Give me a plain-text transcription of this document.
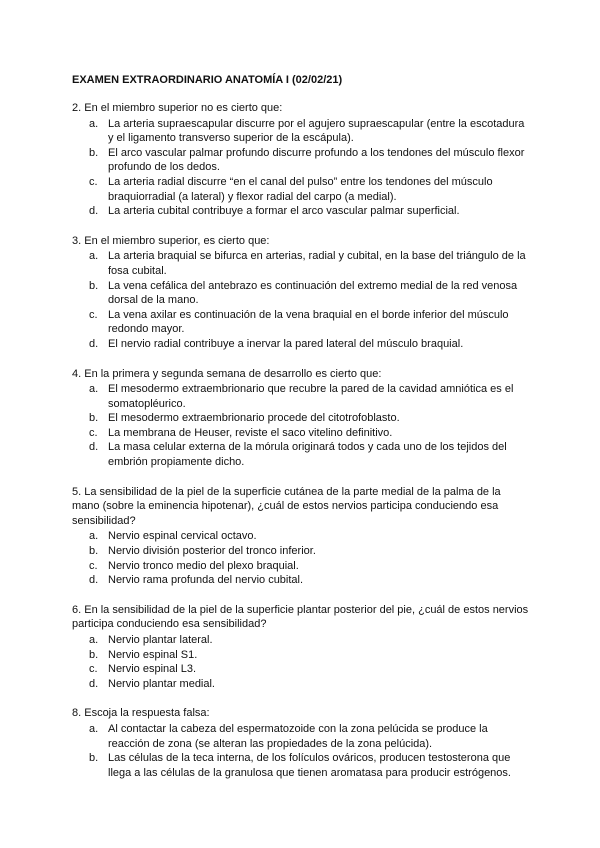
EXAMEN EXTRAORDINARIO ANATOMÍA I (02/02/21)
2. En el miembro superior no es cierto que:
a. La arteria supraescapular discurre por el agujero supraescapular (entre la escotadura y el ligamento transverso superior de la escápula).
b. El arco vascular palmar profundo discurre profundo a los tendones del músculo flexor profundo de los dedos.
c. La arteria radial discurre “en el canal del pulso” entre los tendones del músculo braquiorradial (a lateral) y flexor radial del carpo (a medial).
d. La arteria cubital contribuye a formar el arco vascular palmar superficial.
3. En el miembro superior, es cierto que:
a. La arteria braquial se bifurca en arterias, radial y cubital, en la base del triángulo de la fosa cubital.
b. La vena cefálica del antebrazo es continuación del extremo medial de la red venosa dorsal de la mano.
c. La vena axilar es continuación de la vena braquial en el borde inferior del músculo redondo mayor.
d. El nervio radial contribuye a inervar la pared lateral del músculo braquial.
4. En la primera y segunda semana de desarrollo es cierto que:
a. El mesodermo extraembrionario que recubre la pared de la cavidad amniótica es el somatopléurico.
b. El mesodermo extraembrionario procede del citotrofoblasto.
c. La membrana de Heuser, reviste el saco vitelino definitivo.
d. La masa celular externa de la mórula originará todos y cada uno de los tejidos del embrión propiamente dicho.
5. La sensibilidad de la piel de la superficie cutánea de la parte medial de la palma de la mano (sobre la eminencia hipotenar), ¿cuál de estos nervios participa conduciendo esa sensibilidad?
a. Nervio espinal cervical octavo.
b. Nervio división posterior del tronco inferior.
c. Nervio tronco medio del plexo braquial.
d. Nervio rama profunda del nervio cubital.
6. En la sensibilidad de la piel de la superficie plantar posterior del pie, ¿cuál de estos nervios participa conduciendo esa sensibilidad?
a. Nervio plantar lateral.
b. Nervio espinal S1.
c. Nervio espinal L3.
d. Nervio plantar medial.
8. Escoja la respuesta falsa:
a. Al contactar la cabeza del espermatozoide con la zona pelúcida se produce la reacción de zona (se alteran las propiedades de la zona pelúcida).
b. Las células de la teca interna, de los folículos ováricos, producen testosterona que llega a las células de la granulosa que tienen aromatasa para producir estrógenos.
